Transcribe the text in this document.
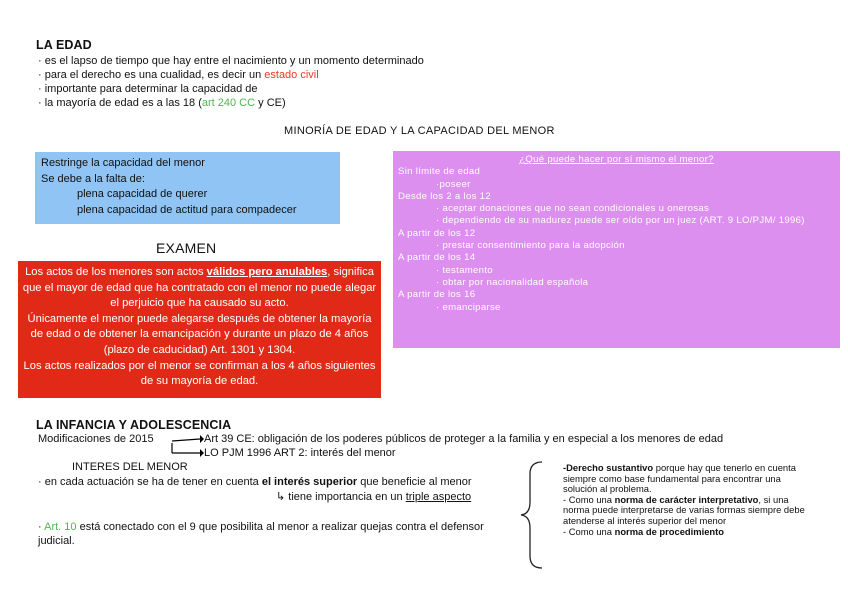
LA EDAD
· es el lapso de tiempo que hay entre el nacimiento y un momento determinado
· para el derecho es una cualidad, es decir un estado civil
· importante para determinar la capacidad de
· la mayoría de edad es a las 18 (art 240 CC y CE)
MINORÍA DE EDAD Y LA CAPACIDAD DEL MENOR
Restringe la capacidad del menor
Se debe a la falta de:
plena capacidad de querer
plena capacidad de actitud para compadecer
EXAMEN
Los actos de los menores son actos válidos pero anulables, significa que el mayor de edad que ha contratado con el menor no puede alegar el perjuicio que ha causado su acto.
Únicamente el menor puede alegarse después de obtener la mayoría de edad o de obtener la emancipación y durante un plazo de 4 años (plazo de caducidad) Art. 1301 y 1304.
Los actos realizados por el menor se confirman a los 4 años siguientes de su mayoría de edad.
¿Qué puede hacer por sí mismo el menor?
Sin límite de edad
·poseer
Desde los 2 a los 12
· aceptar donaciones que no sean condicionales u onerosas
· dependiendo de su madurez puede ser oído por un juez (ART. 9 LO/PJM/ 1996)
A partir de los 12
· prestar consentimiento para la adopción
A partir de los 14
· testamento
· obtar por nacionalidad española
A partir de los 16
· emanciparse
LA INFANCIA Y ADOLESCENCIA
Modificaciones de 2015	Art 39 CE: obligación de los poderes públicos de proteger a la familia y en especial a los menores de edad
LO PJM 1996 ART 2: interés del menor
INTERES DEL MENOR
· en cada actuación se ha de tener en cuenta el interés superior que beneficie al menor
↳ tiene importancia en un triple aspecto
· Art. 10 está conectado con el 9 que posibilita al menor a realizar quejas contra el defensor judicial.
-Derecho sustantivo porque hay que tenerlo en cuenta siempre como base fundamental para encontrar una solución al problema.
- Como una norma de carácter interpretativo, si una norma puede interpretarse de varias formas siempre debe atenderse al interés superior del menor
- Como una norma de procedimiento
